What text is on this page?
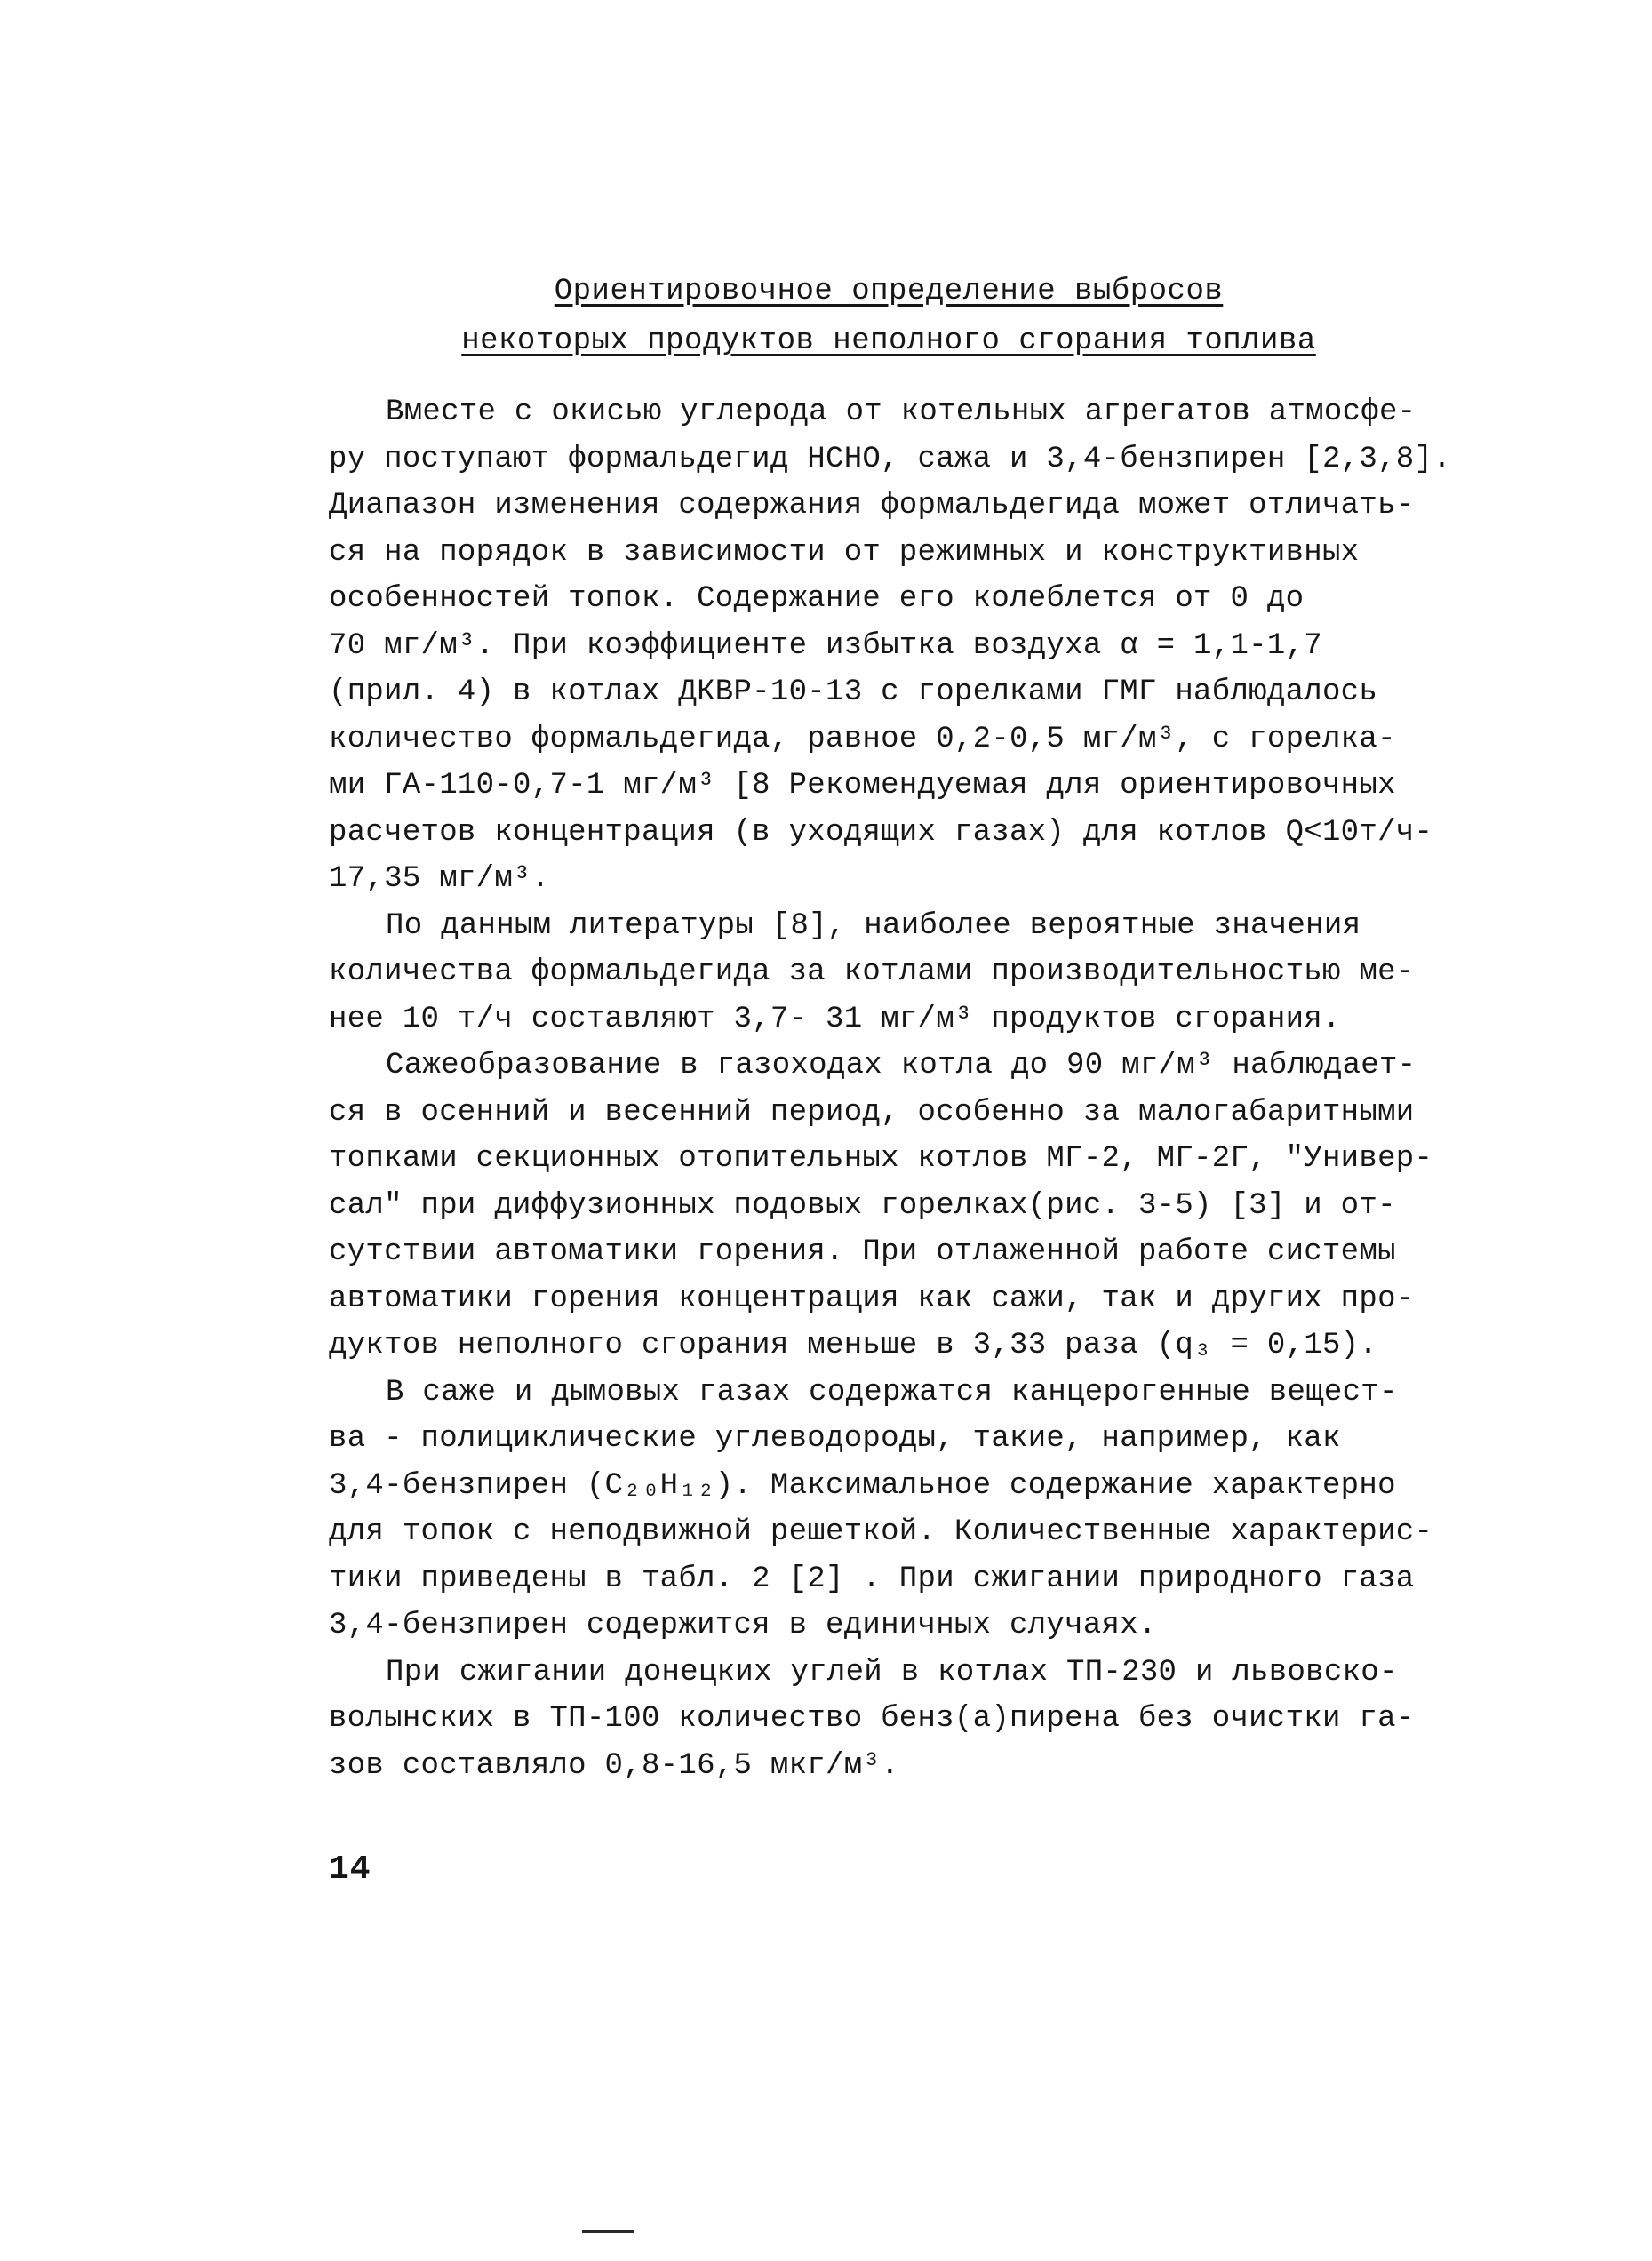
Ориентировочное определение выбросов
некоторых продуктов неполного сгорания топлива

Вместе с окисью углерода от котельных агрегатов атмосфе-
ру поступают формальдегид НСНО, сажа и 3,4-бензпирен [2,3,8].
Диапазон изменения содержания формальдегида может отличать-
ся на порядок в зависимости от режимных и конструктивных
особенностей топок. Содержание его колеблется от 0 до
70 мг/м³. При коэффициенте избытка воздуха α = 1,1-1,7
(прил. 4) в котлах ДКВР-10-13 с горелками ГМГ наблюдалось
количество формальдегида, равное 0,2-0,5 мг/м³, с горелка-
ми ГА-110-0,7-1 мг/м³ [8 Рекомендуемая для ориентировочных
расчетов концентрация (в уходящих газах) для котлов Q<10т/ч-
17,35 мг/м³.

По данным литературы [8], наиболее вероятные значения
количества формальдегида за котлами производительностью ме-
нее 10 т/ч составляют 3,7- 31 мг/м³ продуктов сгорания.

Сажеобразование в газоходах котла до 90 мг/м³ наблюдает-
ся в осенний и весенний период, особенно за малогабаритными
топками секционных отопительных котлов МГ-2, МГ-2Г, "Универ-
сал" при диффузионных подовых горелках(рис. 3-5) [3] и от-
сутствии автоматики горения. При отлаженной работе системы
автоматики горения концентрация как сажи, так и других про-
дуктов неполного сгорания меньше в 3,33 раза (q₃ = 0,15).

В саже и дымовых газах содержатся канцерогенные вещест-
ва - полициклические углеводороды, такие, например, как
3,4-бензпирен (C₂₀H₁₂). Максимальное содержание характерно
для топок с неподвижной решеткой. Количественные характерис-
тики приведены в табл. 2 [2] . При сжигании природного газа
3,4-бензпирен содержится в единичных случаях.

При сжигании донецких углей в котлах ТП-230 и львовско-
волынских в ТП-100 количество бенз(а)пирена без очистки га-
зов составляло 0,8-16,5 мкг/м³.

14
